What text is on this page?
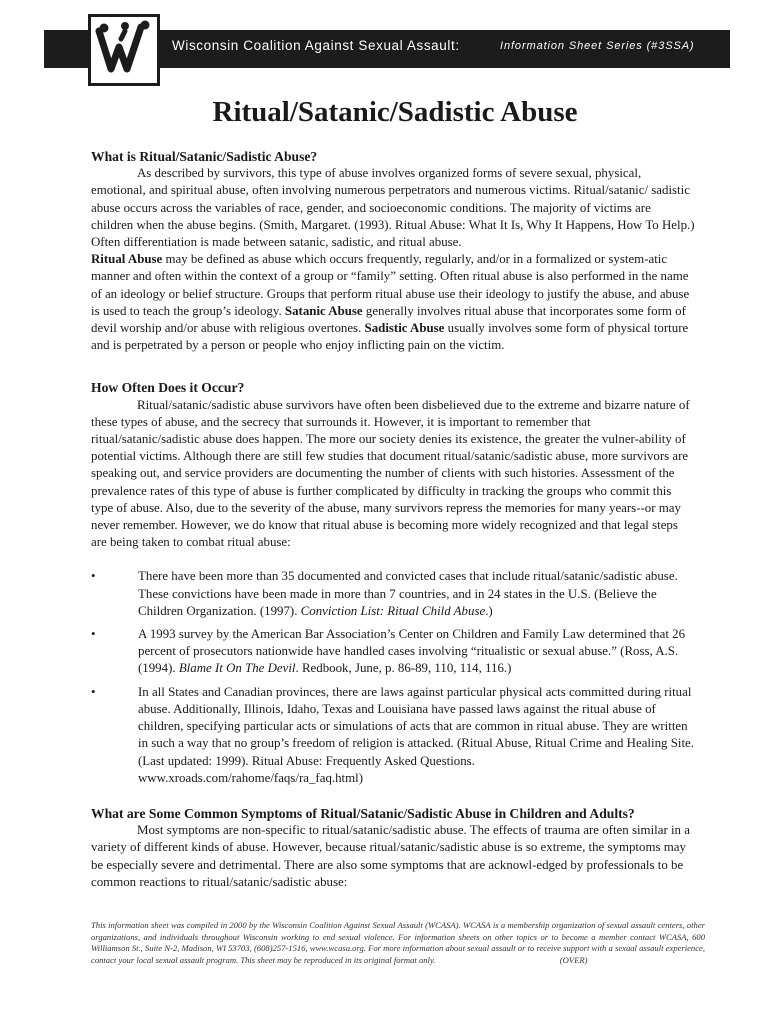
Wisconsin Coalition Against Sexual Assault:	Information Sheet Series (#3SSA)
Ritual/Satanic/Sadistic Abuse
What is Ritual/Satanic/Sadistic Abuse?

As described by survivors, this type of abuse involves organized forms of severe sexual, physical, emotional, and spiritual abuse, often involving numerous perpetrators and numerous victims. Ritual/satanic/ sadistic abuse occurs across the variables of race, gender, and socioeconomic conditions. The majority of victims are children when the abuse begins. (Smith, Margaret. (1993). Ritual Abuse: What It Is, Why It Happens, How To Help.) Often differentiation is made between satanic, sadistic, and ritual abuse.

Ritual Abuse may be defined as abuse which occurs frequently, regularly, and/or in a formalized or system-atic manner and often within the context of a group or “family” setting. Often ritual abuse is also performed in the name of an ideology or belief structure. Groups that perform ritual abuse use their ideology to justify the abuse, and abuse is used to teach the group’s ideology. Satanic Abuse generally involves ritual abuse that incorporates some form of devil worship and/or abuse with religious overtones. Sadistic Abuse usually involves some form of physical torture and is perpetrated by a person or people who enjoy inflicting pain on the victim.

How Often Does it Occur?

Ritual/satanic/sadistic abuse survivors have often been disbelieved due to the extreme and bizarre nature of these types of abuse, and the secrecy that surrounds it. However, it is important to remember that ritual/satanic/sadistic abuse does happen. The more our society denies its existence, the greater the vulner-ability of potential victims. Although there are still few studies that document ritual/satanic/sadistic abuse, more survivors are speaking out, and service providers are documenting the number of clients with such histories. Assessment of the prevalence rates of this type of abuse is further complicated by difficulty in tracking the groups who commit this type of abuse. Also, due to the severity of the abuse, many survivors repress the memories for many years--or may never remember. However, we do know that ritual abuse is becoming more widely recognized and that legal steps are being taken to combat ritual abuse:

•	There have been more than 35 documented and convicted cases that include ritual/satanic/sadistic abuse. These convictions have been made in more than 7 countries, and in 24 states in the U.S. (Believe the Children Organization. (1997). Conviction List: Ritual Child Abuse.)
•	A 1993 survey by the American Bar Association’s Center on Children and Family Law determined that 26 percent of prosecutors nationwide have handled cases involving “ritualistic or sexual abuse.” (Ross, A.S. (1994). Blame It On The Devil. Redbook, June, p. 86-89, 110, 114, 116.)
•	In all States and Canadian provinces, there are laws against particular physical acts committed during ritual abuse. Additionally, Illinois, Idaho, Texas and Louisiana have passed laws against the ritual abuse of children, specifying particular acts or simulations of acts that are common in ritual abuse. They are written in such a way that no group’s freedom of religion is attacked. (Ritual Abuse, Ritual Crime and Healing Site. (Last updated: 1999). Ritual Abuse: Frequently Asked Questions. www.xroads.com/rahome/faqs/ra_faq.html)
What are Some Common Symptoms of Ritual/Satanic/Sadistic Abuse in Children and Adults?

Most symptoms are non-specific to ritual/satanic/sadistic abuse. The effects of trauma are often similar in a variety of different kinds of abuse. However, because ritual/satanic/sadistic abuse is so extreme, the symptoms may be especially severe and detrimental. There are also some symptoms that are acknowl-edged by professionals to be common reactions to ritual/satanic/sadistic abuse:

This information sheet was compiled in 2000 by the Wisconsin Coalition Against Sexual Assault (WCASA). WCASA is a membership organization of sexual assault centers, other organizations, and individuals throughout Wisconsin working to end sexual violence. For information sheets on other topics or to become a member contact WCASA, 600 Williamson St., Suite N-2, Madison, WI 53703, (608)257-1516, www.wcasa.org. For more information about sexual assault or to receive support with a sexual assault experience, contact your local sexual assault program. This sheet may be reproduced in its original format only.	(OVER)
